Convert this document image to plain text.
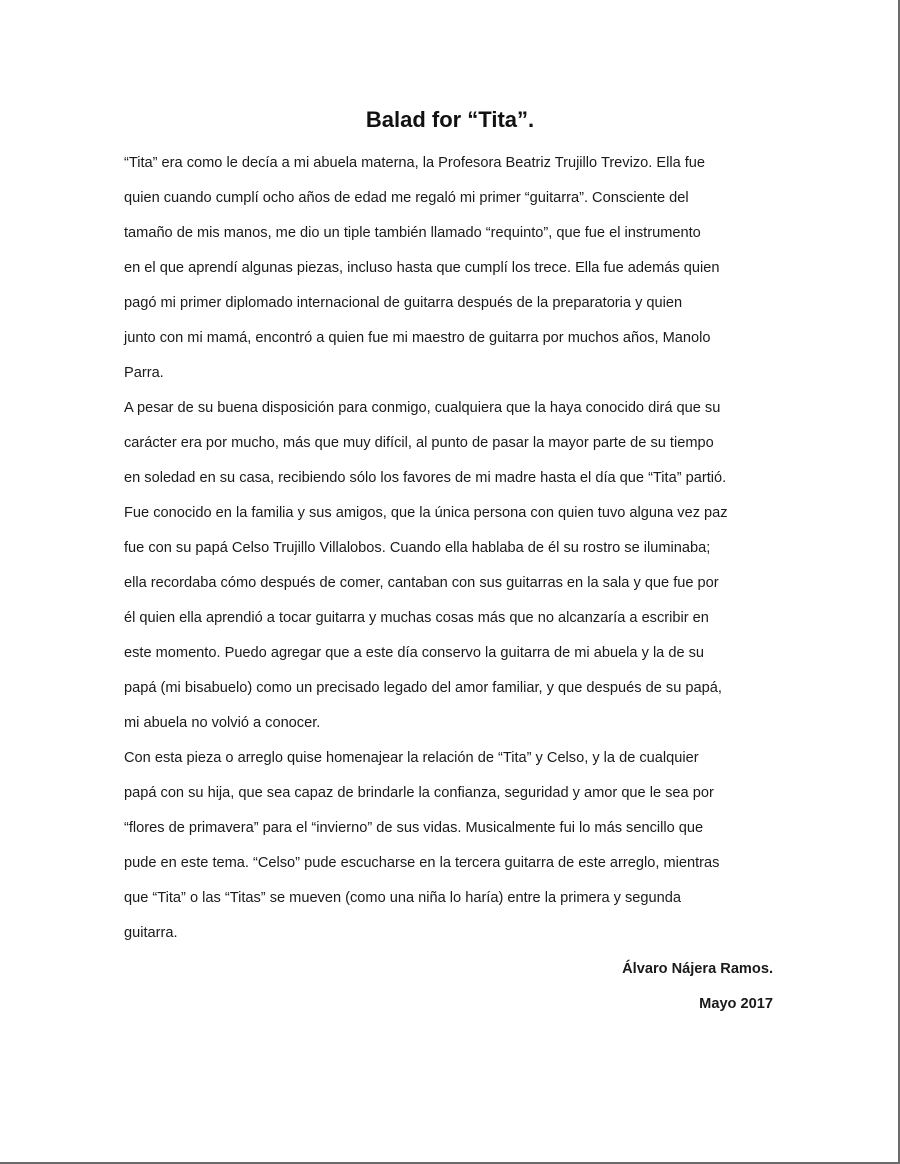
Balad for “Tita”.

“Tita” era como le decía a mi abuela materna, la Profesora Beatriz Trujillo Trevizo. Ella fue
quien cuando cumplí ocho años de edad me regaló mi primer “guitarra”. Consciente del
tamaño de mis manos, me dio un tiple también llamado “requinto”, que fue el instrumento
en el que aprendí algunas piezas, incluso hasta que cumplí los trece. Ella fue además quien
pagó mi primer diplomado internacional de guitarra después de la preparatoria y quien
junto con mi mamá, encontró a quien fue mi maestro de guitarra por muchos años, Manolo
Parra.

A pesar de su buena disposición para conmigo, cualquiera que la haya conocido dirá que su
carácter era por mucho, más que muy difícil, al punto de pasar la mayor parte de su tiempo
en soledad en su casa, recibiendo sólo los favores de mi madre hasta el día que “Tita” partió.
Fue conocido en la familia y sus amigos, que la única persona con quien tuvo alguna vez paz
fue con su papá Celso Trujillo Villalobos. Cuando ella hablaba de él su rostro se iluminaba;
ella recordaba cómo después de comer, cantaban con sus guitarras en la sala y que fue por
él quien ella aprendió a tocar guitarra y muchas cosas más que no alcanzaría a escribir en
este momento. Puedo agregar que a este día conservo la guitarra de mi abuela y la de su
papá (mi bisabuelo) como un precisado legado del amor familiar, y que después de su papá,
mi abuela no volvió a conocer.

Con esta pieza o arreglo quise homenajear la relación de “Tita” y Celso, y la de cualquier
papá con su hija, que sea capaz de brindarle la confianza, seguridad y amor que le sea por
“flores de primavera” para el “invierno” de sus vidas. Musicalmente fui lo más sencillo que
pude en este tema. “Celso” pude escucharse en la tercera guitarra de este arreglo, mientras
que “Tita” o las “Titas” se mueven (como una niña lo haría) entre la primera y segunda
guitarra.

Álvaro Nájera Ramos.
Mayo 2017
